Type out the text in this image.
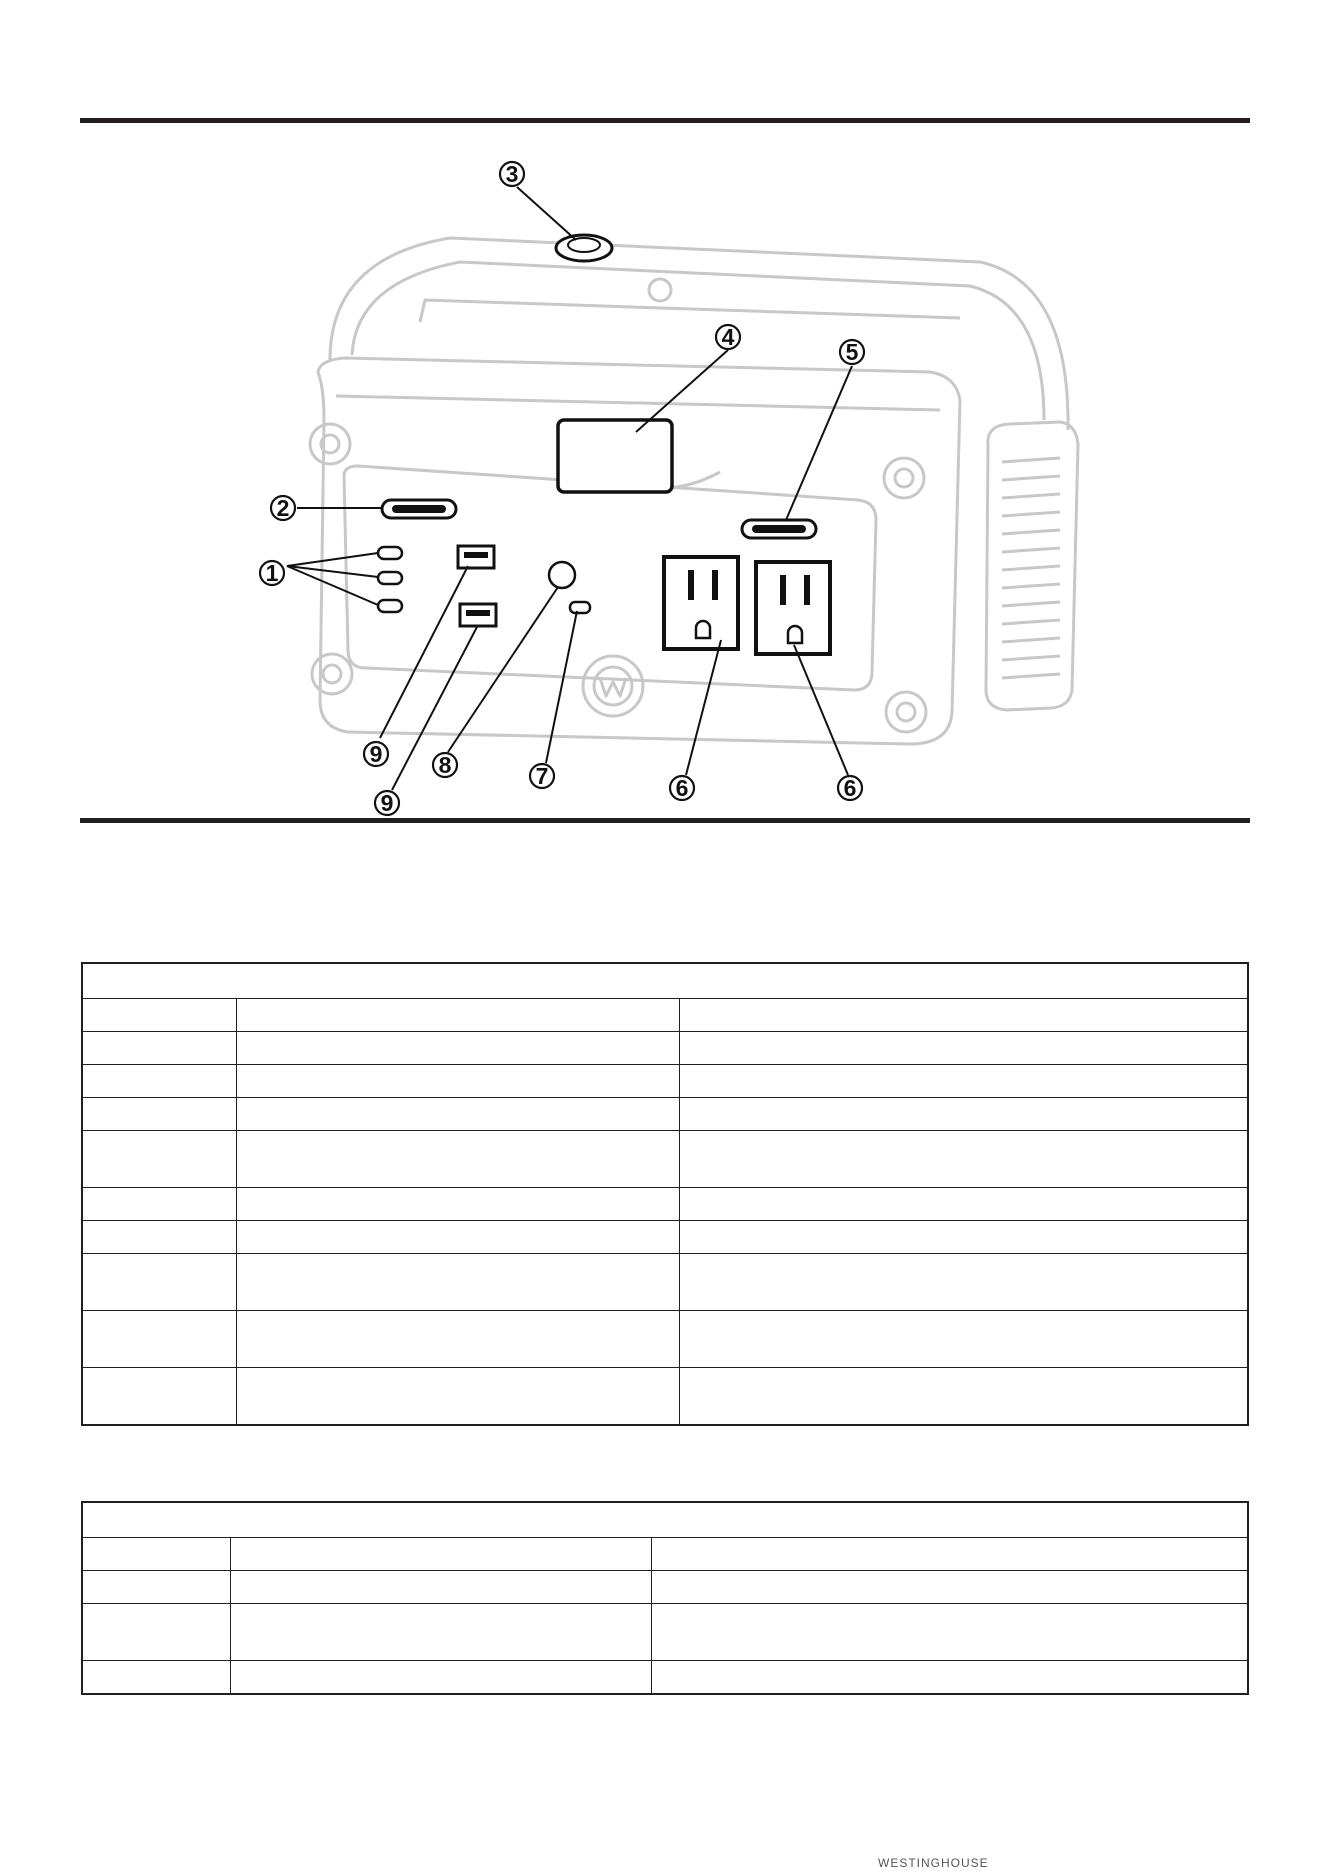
3
4
5
2
1
9
9
8	7	6	6

WESTINGHOUSE
